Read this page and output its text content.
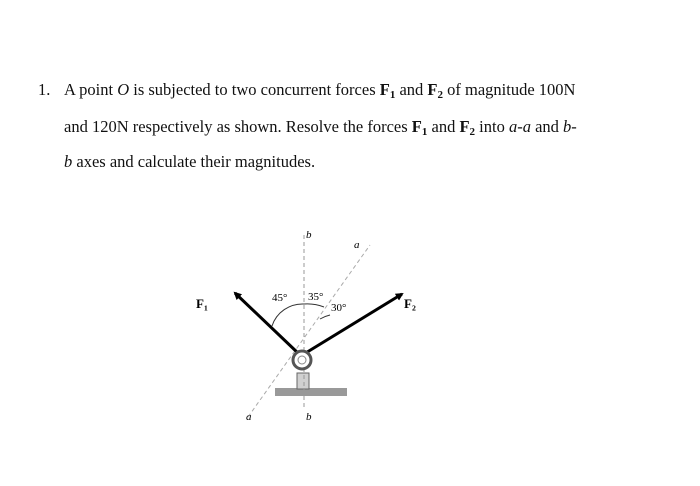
1. A point O is subjected to two concurrent forces $F_1$ and $F_2$ of magnitude 100N
and 120N respectively as shown. Resolve the forces $F_1$ and $F_2$ into a-a and b-
b axes and calculate their magnitudes.
F₁	F₂
45° 35°
30°
b
a
a	b
